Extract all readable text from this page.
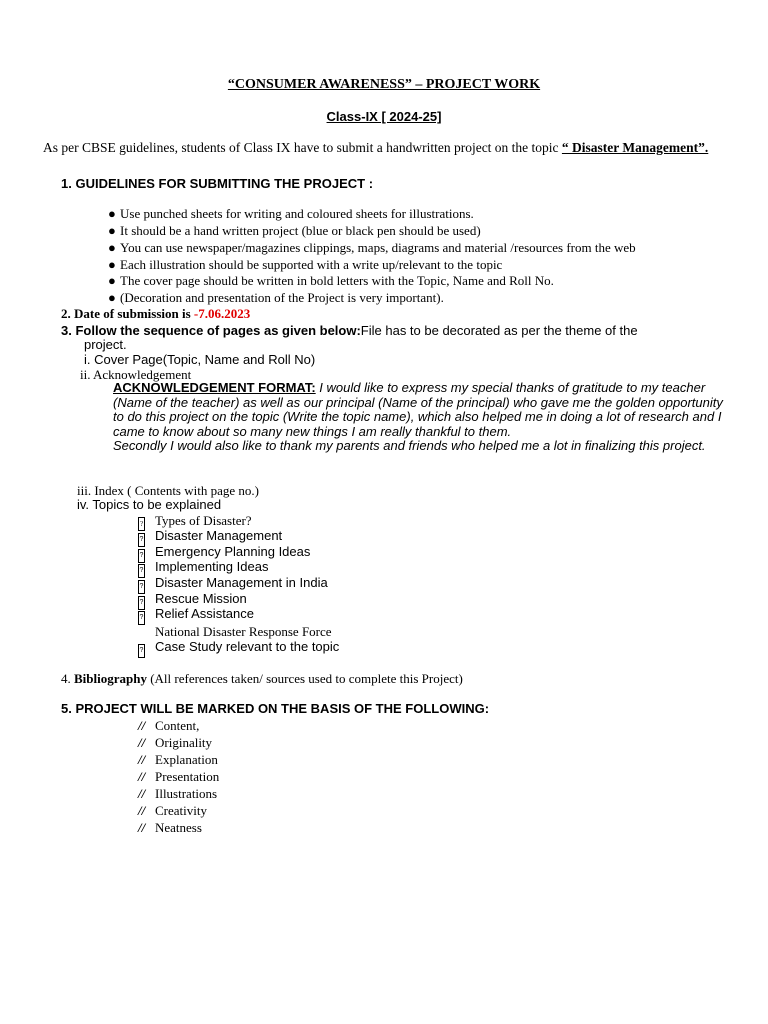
“CONSUMER AWARENESS” – PROJECT WORK
Class-IX [ 2024-25]
As per CBSE guidelines, students of Class IX have to submit a handwritten project on the topic “ Disaster Management”.
1. GUIDELINES FOR SUBMITTING THE PROJECT :
● Use punched sheets for writing and coloured sheets for illustrations.
● It should be a hand written project (blue or black pen should be used)
● You can use newspaper/magazines clippings, maps, diagrams and material /resources from the web
● Each illustration should be supported with a write up/relevant to the topic
● The cover page should be written in bold letters with the Topic, Name and Roll No.
● (Decoration and presentation of the Project is very important).
2. Date of submission is -7.06.2023
3. Follow the sequence of pages as given below:File has to be decorated as per the theme of the
project.
i. Cover Page(Topic, Name and Roll No)
ii. Acknowledgement
ACKNOWLEDGEMENT FORMAT: I would like to express my special thanks of gratitude to my teacher (Name of the teacher) as well as our principal (Name of the principal) who gave me the golden opportunity to do this project on the topic (Write the topic name), which also helped me in doing a lot of research and I came to know about so many new things I am really thankful to them.
Secondly I would also like to thank my parents and friends who helped me a lot in finalizing this project.
iii. Index ( Contents with page no.)
iv. Topics to be explained
? Types of Disaster?
? Disaster Management
? Emergency Planning Ideas
? Implementing Ideas
? Disaster Management in India
? Rescue Mission
? Relief Assistance
National Disaster Response Force
? Case Study relevant to the topic
4. Bibliography (All references taken/ sources used to complete this Project)
5. PROJECT WILL BE MARKED ON THE BASIS OF THE FOLLOWING:
// Content,
// Originality
// Explanation
// Presentation
// Illustrations
// Creativity
// Neatness
